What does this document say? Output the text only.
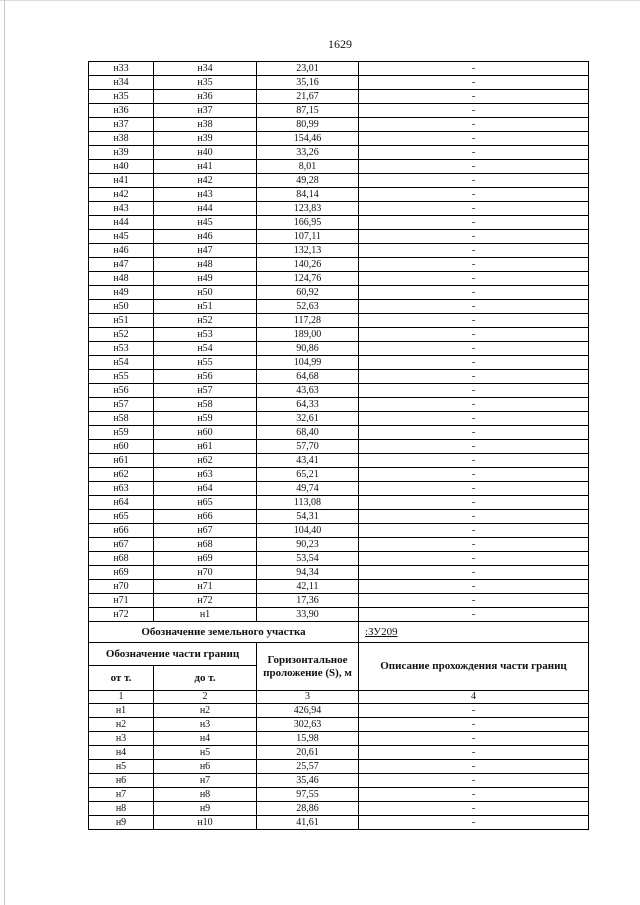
1629
н33	н34	23,01	-
н34	н35	35,16	-
н35	н36	21,67	-
н36	н37	87,15	-
н37	н38	80,99	-
н38	н39	154,46	-
н39	н40	33,26	-
н40	н41	8,01	-
н41	н42	49,28	-
н42	н43	84,14	-
н43	н44	123,83	-
н44	н45	166,95	-
н45	н46	107,11	-
н46	н47	132,13	-
н47	н48	140,26	-
н48	н49	124,76	-
н49	н50	60,92	-
н50	н51	52,63	-
н51	н52	117,28	-
н52	н53	189,00	-
н53	н54	90,86	-
н54	н55	104,99	-
н55	н56	64,68	-
н56	н57	43,63	-
н57	н58	64,33	-
н58	н59	32,61	-
н59	н60	68,40	-
н60	н61	57,70	-
н61	н62	43,41	-
н62	н63	65,21	-
н63	н64	49,74	-
н64	н65	113,08	-
н65	н66	54,31	-
н66	н67	104,40	-
н67	н68	90,23	-
н68	н69	53,54	-
н69	н70	94,34	-
н70	н71	42,11	-
н71	н72	17,36	-
н72	н1	33,90	-
Обозначение земельного участка			:ЗУ209
Обозначение части границ		Горизонтальное проложение (S), м	Описание прохождения части границ
от т.	до т.		
1	2	3	4
н1	н2	426,94	-
н2	н3	302,63	-
н3	н4	15,98	-
н4	н5	20,61	-
н5	н6	25,57	-
н6	н7	35,46	-
н7	н8	97,55	-
н8	н9	28,86	-
н9	н10	41,61	-
